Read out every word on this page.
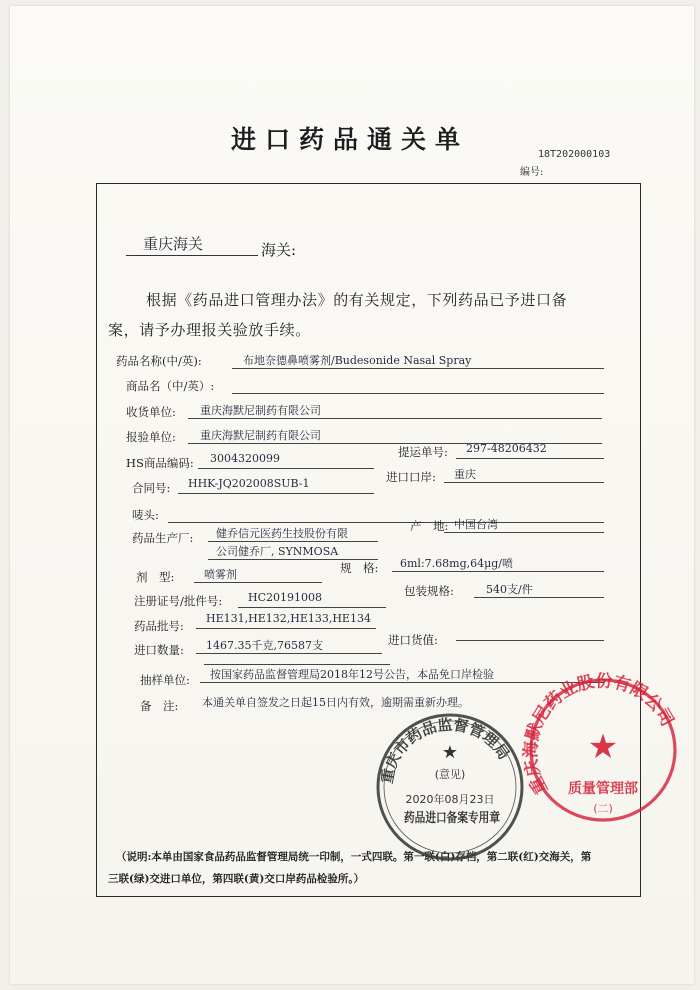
进口药品通关单
18T202000103
编号:
重庆海关	海关:
根据《药品进口管理办法》的有关规定，下列药品已予进口备
案，请予办理报关验放手续。
药品名称(中/英):	布地奈德鼻喷雾剂/Budesonide Nasal Spray
商品名（中/英）:
收货单位: 重庆海默尼制药有限公司
报验单位: 重庆海默尼制药有限公司
HS商品编码: 3004320099	提运单号: 297-48206432
合同号: HHK-JQ202008SUB-1	进口口岸: 重庆
唛头:
药品生产厂: 健乔信元医药生技股份有限
公司健乔厂, SYNMOSA
产　地: 中国台湾
剂　型:	喷雾剂	规　格: 6ml:7.68mg,64μg/喷
注册证号/批件号: HC20191008	包装规格:	540支/件
药品批号:
HE131,HE132,HE133,HE134
进口数量: 1467.35千克,76587支	进口货值:
抽样单位: 按国家药品监督管理局2018年12号公告，本品免口岸检验
备　注: 本通关单自签发之日起15日内有效，逾期需重新办理。
（说明:本单由国家食品药品监督管理局统一印制，一式四联。第一联(白)存档，第二联(红)交海关，第
三联(绿)交进口单位，第四联(黄)交口岸药品检验所。）
重庆市药品监督管理局
★
(意见)
2020年08月23日
药品进口备案专用章
重庆海默尼药业股份有限公司
★
质量管理部
(二)
